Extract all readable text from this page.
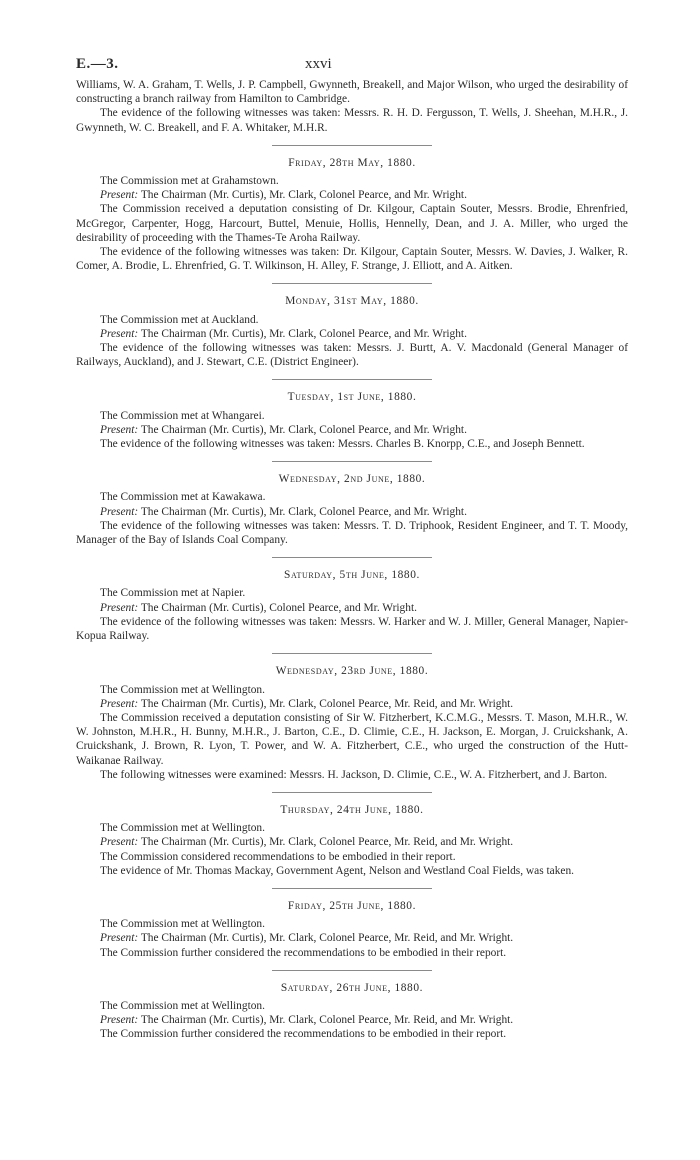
E.—3.	xxvi

Williams, W. A. Graham, T. Wells, J. P. Campbell, Gwynneth, Breakell, and Major Wilson, who urged the desirability of constructing a branch railway from Hamilton to Cambridge.

The evidence of the following witnesses was taken: Messrs. R. H. D. Fergusson, T. Wells, J. Sheehan, M.H.R., J. Gwynneth, W. C. Breakell, and F. A. Whitaker, M.H.R.

Friday, 28th May, 1880.

The Commission met at Grahamstown.

Present: The Chairman (Mr. Curtis), Mr. Clark, Colonel Pearce, and Mr. Wright.

The Commission received a deputation consisting of Dr. Kilgour, Captain Souter, Messrs. Brodie, Ehrenfried, McGregor, Carpenter, Hogg, Harcourt, Buttel, Menuie, Hollis, Hennelly, Dean, and J. A. Miller, who urged the desirability of proceeding with the Thames-Te Aroha Railway.

The evidence of the following witnesses was taken: Dr. Kilgour, Captain Souter, Messrs. W. Davies, J. Walker, R. Comer, A. Brodie, L. Ehrenfried, G. T. Wilkinson, H. Alley, F. Strange, J. Elliott, and A. Aitken.

Monday, 31st May, 1880.

The Commission met at Auckland.

Present: The Chairman (Mr. Curtis), Mr. Clark, Colonel Pearce, and Mr. Wright.

The evidence of the following witnesses was taken: Messrs. J. Burtt, A. V. Macdonald (General Manager of Railways, Auckland), and J. Stewart, C.E. (District Engineer).

Tuesday, 1st June, 1880.

The Commission met at Whangarei.

Present: The Chairman (Mr. Curtis), Mr. Clark, Colonel Pearce, and Mr. Wright.

The evidence of the following witnesses was taken: Messrs. Charles B. Knorpp, C.E., and Joseph Bennett.

Wednesday, 2nd June, 1880.

The Commission met at Kawakawa.

Present: The Chairman (Mr. Curtis), Mr. Clark, Colonel Pearce, and Mr. Wright.

The evidence of the following witnesses was taken: Messrs. T. D. Triphook, Resident Engineer, and T. T. Moody, Manager of the Bay of Islands Coal Company.

Saturday, 5th June, 1880.

The Commission met at Napier.

Present: The Chairman (Mr. Curtis), Colonel Pearce, and Mr. Wright.

The evidence of the following witnesses was taken: Messrs. W. Harker and W. J. Miller, General Manager, Napier-Kopua Railway.

Wednesday, 23rd June, 1880.

The Commission met at Wellington.

Present: The Chairman (Mr. Curtis), Mr. Clark, Colonel Pearce, Mr. Reid, and Mr. Wright.

The Commission received a deputation consisting of Sir W. Fitzherbert, K.C.M.G., Messrs. T. Mason, M.H.R., W. W. Johnston, M.H.R., H. Bunny, M.H.R., J. Barton, C.E., D. Climie, C.E., H. Jackson, E. Morgan, J. Cruickshank, A. Cruickshank, J. Brown, R. Lyon, T. Power, and W. A. Fitzherbert, C.E., who urged the construction of the Hutt-Waikanae Railway.

The following witnesses were examined: Messrs. H. Jackson, D. Climie, C.E., W. A. Fitzherbert, and J. Barton.

Thursday, 24th June, 1880.

The Commission met at Wellington.

Present: The Chairman (Mr. Curtis), Mr. Clark, Colonel Pearce, Mr. Reid, and Mr. Wright.

The Commission considered recommendations to be embodied in their report.

The evidence of Mr. Thomas Mackay, Government Agent, Nelson and Westland Coal Fields, was taken.

Friday, 25th June, 1880.

The Commission met at Wellington.

Present: The Chairman (Mr. Curtis), Mr. Clark, Colonel Pearce, Mr. Reid, and Mr. Wright.

The Commission further considered the recommendations to be embodied in their report.

Saturday, 26th June, 1880.

The Commission met at Wellington.

Present: The Chairman (Mr. Curtis), Mr. Clark, Colonel Pearce, Mr. Reid, and Mr. Wright.

The Commission further considered the recommendations to be embodied in their report.
